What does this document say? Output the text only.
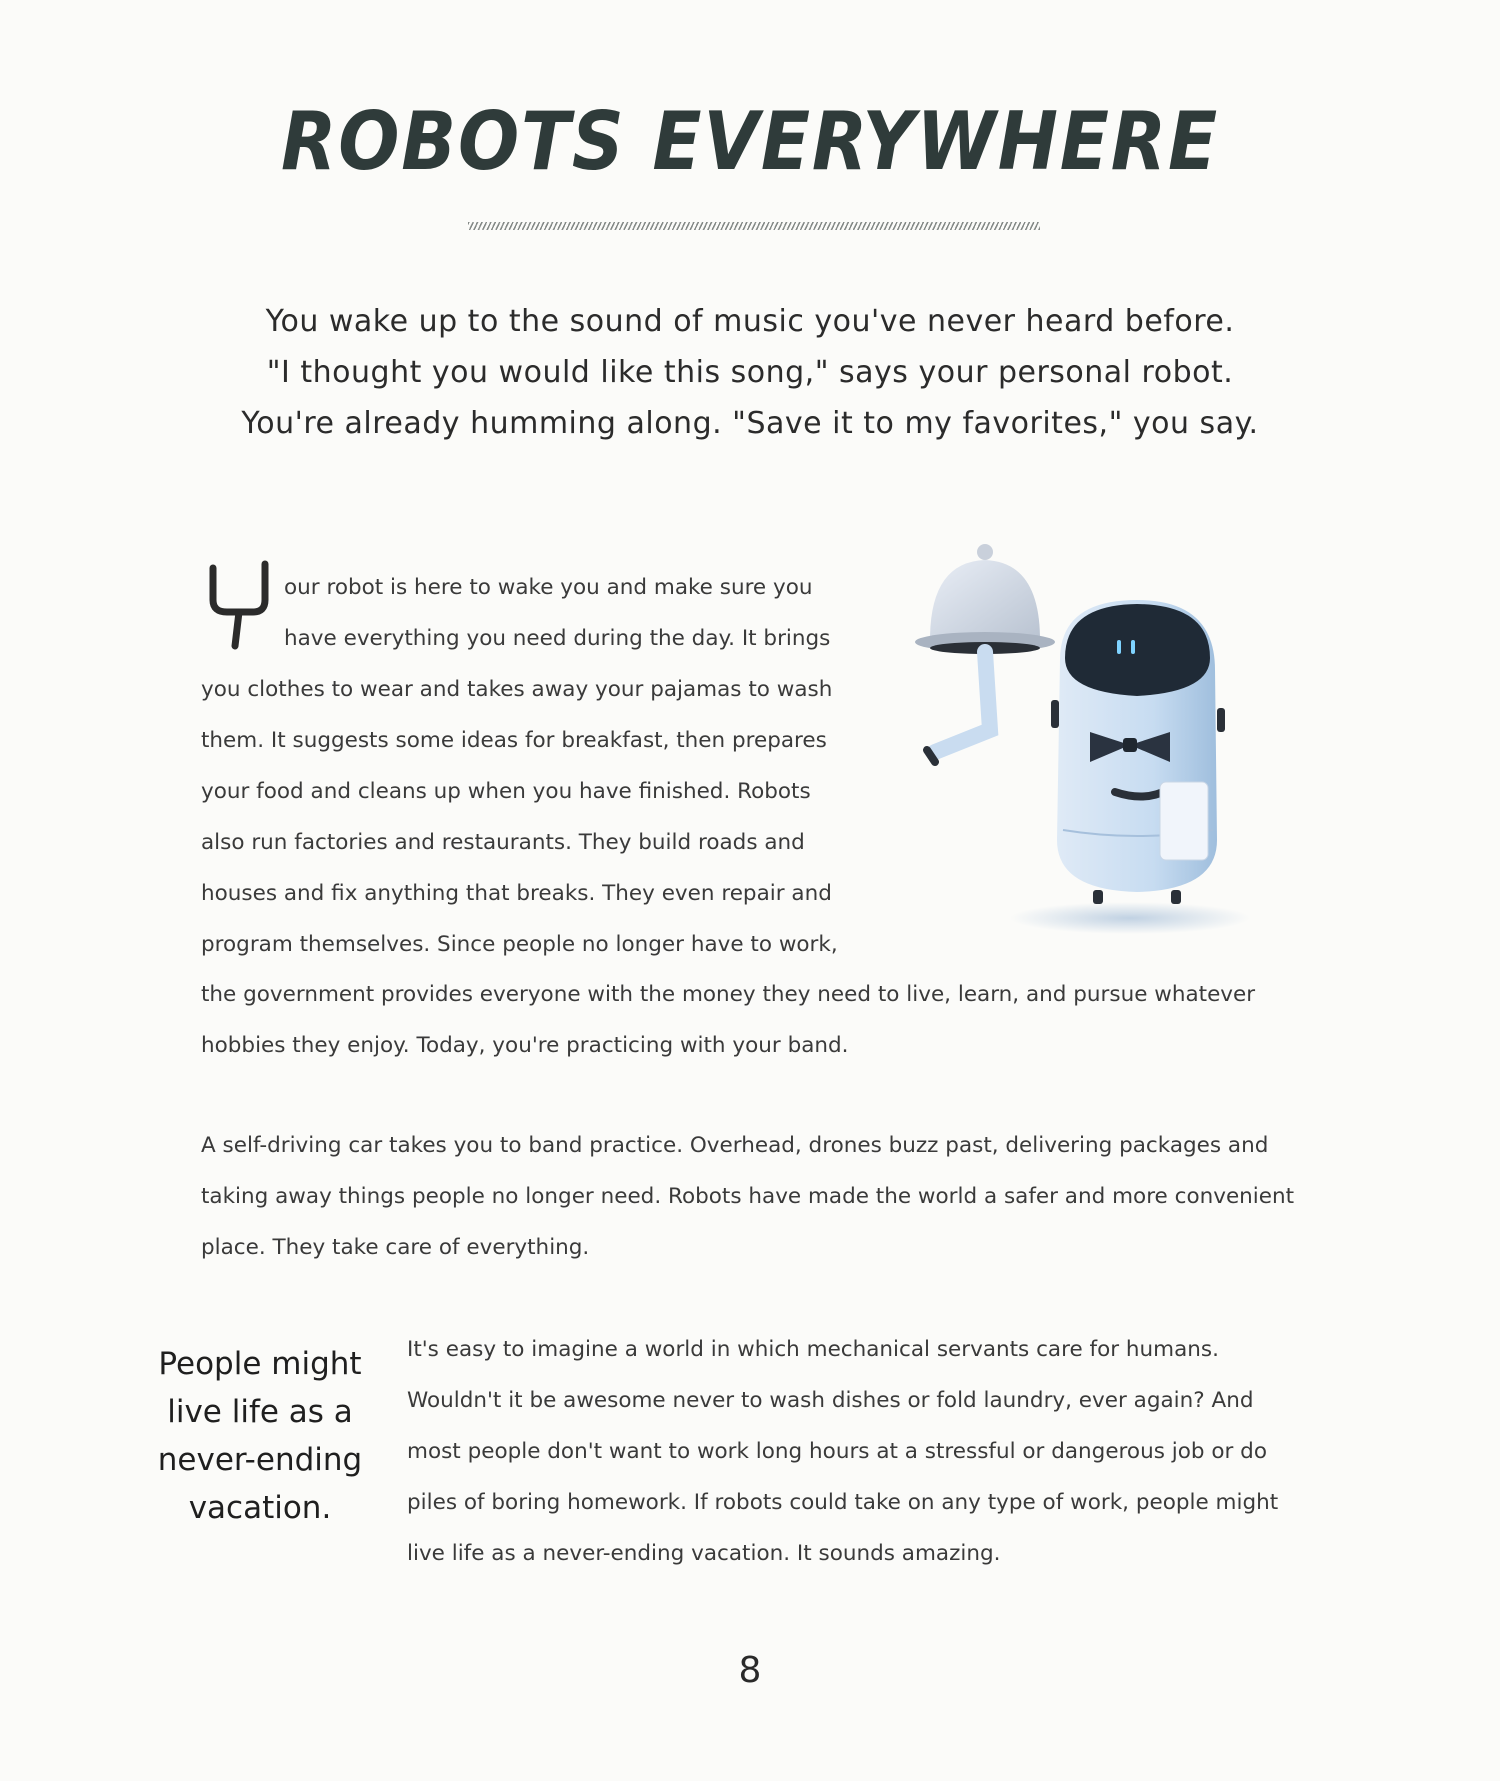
ROBOTS EVERYWHERE
You wake up to the sound of music you've never heard before.
"I thought you would like this song," says your personal robot.
You're already humming along. "Save it to my favorites," you say.
our robot is here to wake you and make sure you
have everything you need during the day. It brings
you clothes to wear and takes away your pajamas to wash
them. It suggests some ideas for breakfast, then prepares
your food and cleans up when you have finished. Robots
also run factories and restaurants. They build roads and
houses and fix anything that breaks. They even repair and
program themselves. Since people no longer have to work,
the government provides everyone with the money they need to live, learn, and pursue whatever
hobbies they enjoy. Today, you're practicing with your band.
A self-driving car takes you to band practice. Overhead, drones buzz past, delivering packages and
taking away things people no longer need. Robots have made the world a safer and more convenient
place. They take care of everything.
People might
live life as a
never-ending
vacation.
It's easy to imagine a world in which mechanical servants care for humans.
Wouldn't it be awesome never to wash dishes or fold laundry, ever again? And
most people don't want to work long hours at a stressful or dangerous job or do
piles of boring homework. If robots could take on any type of work, people might
live life as a never-ending vacation. It sounds amazing.
8
